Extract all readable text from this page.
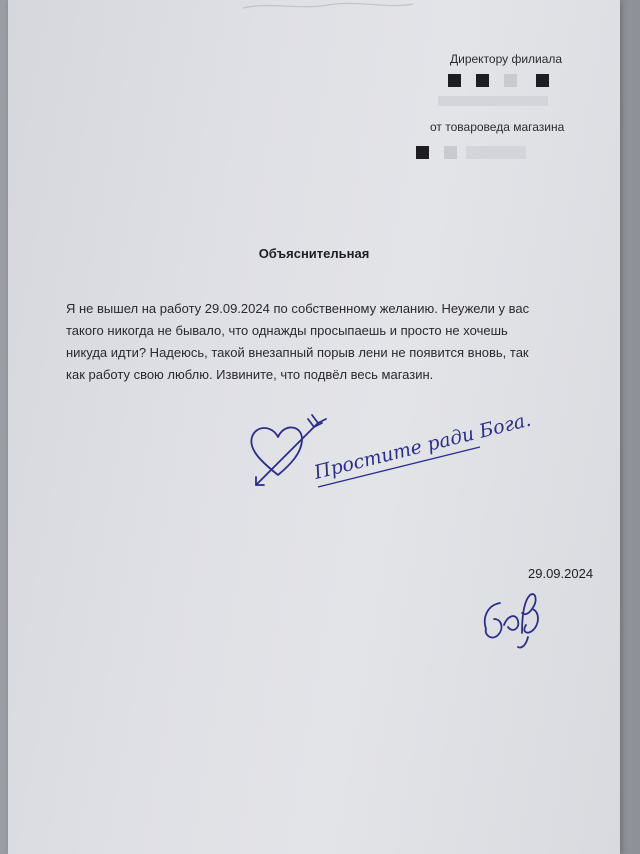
Директору филиала
от товароведа магазина
Объяснительная
Я не вышел на работу 29.09.2024 по собственному желанию. Неужели у вас
такого никогда не бывало, что однажды просыпаешь и просто не хочешь
никуда идти? Надеюсь, такой внезапный порыв лени не появится вновь, так
как работу свою люблю. Извините, что подвёл весь магазин.
Простите ради Бога.
29.09.2024
